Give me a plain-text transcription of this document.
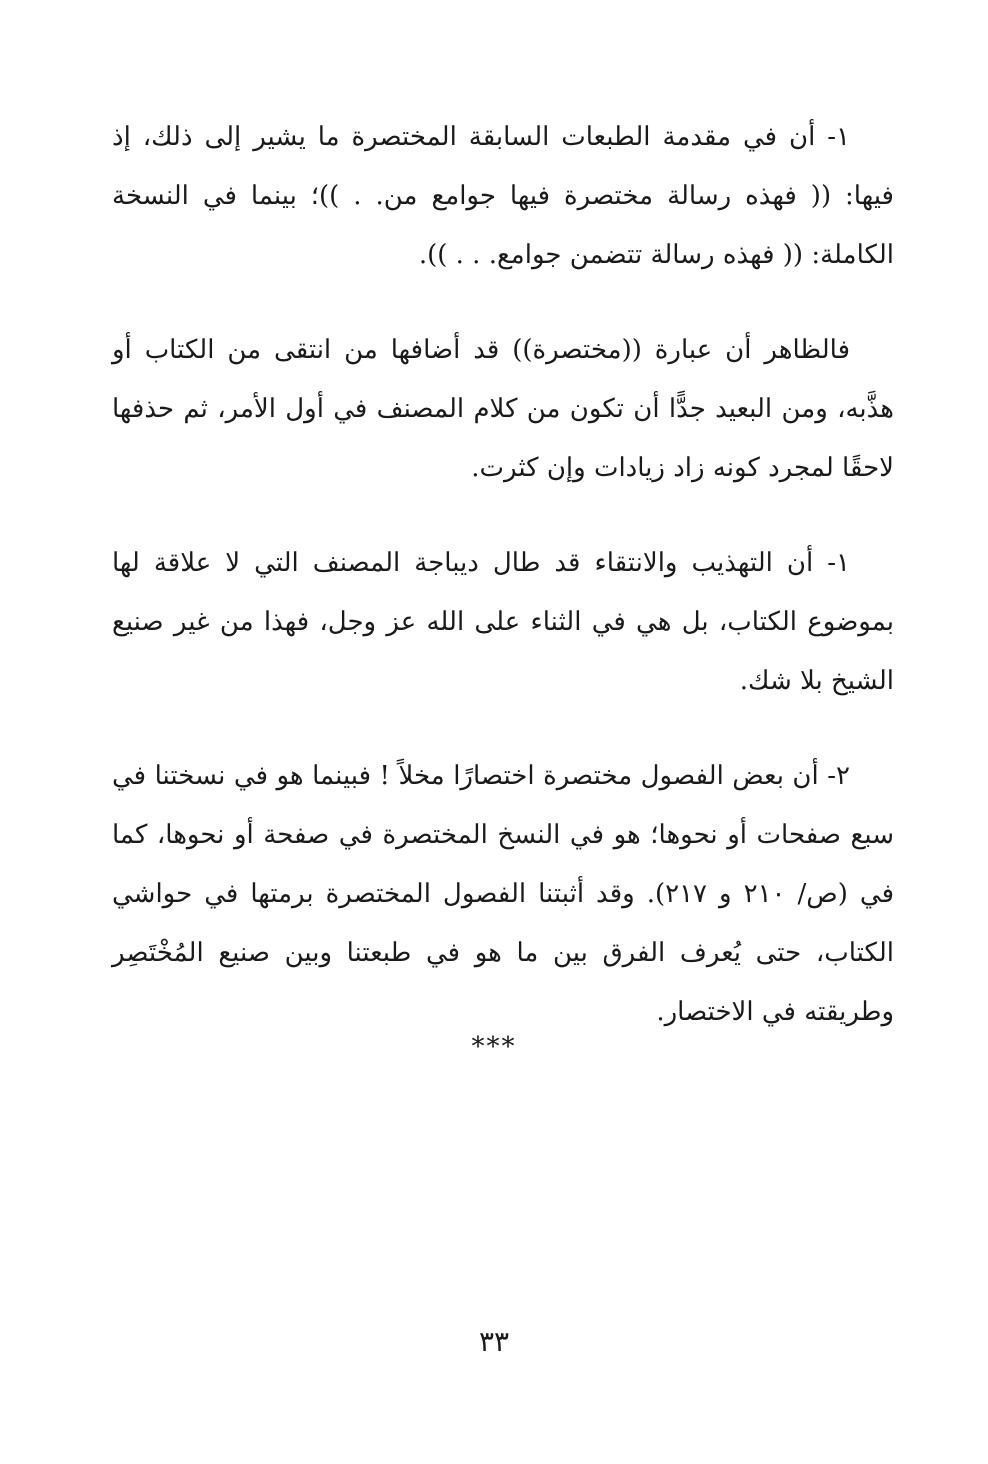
١- أن في مقدمة الطبعات السابقة المختصرة ما يشير إلى ذلك، إذ فيها: (( فهذه رسالة مختصرة فيها جوامع من. . ))؛ بينما في النسخة الكاملة: (( فهذه رسالة تتضمن جوامع. . . )).

فالظاهر أن عبارة ((مختصرة)) قد أضافها من انتقى من الكتاب أو هذَّبه، ومن البعيد جدًّا أن تكون من كلام المصنف في أول الأمر، ثم حذفها لاحقًا لمجرد كونه زاد زيادات وإن كثرت.

١- أن التهذيب والانتقاء قد طال ديباجة المصنف التي لا علاقة لها بموضوع الكتاب، بل هي في الثناء على الله عز وجل، فهذا من غير صنيع الشيخ بلا شك.

٢- أن بعض الفصول مختصرة اختصارًا مخلاً ! فبينما هو في نسختنا في سبع صفحات أو نحوها؛ هو في النسخ المختصرة في صفحة أو نحوها، كما في (ص/ ٢١٠ و ٢١٧). وقد أثبتنا الفصول المختصرة برمتها في حواشي الكتاب، حتى يُعرف الفرق بين ما هو في طبعتنا وبين صنيع المُخْتَصِر وطريقته في الاختصار.

***
٣٣
